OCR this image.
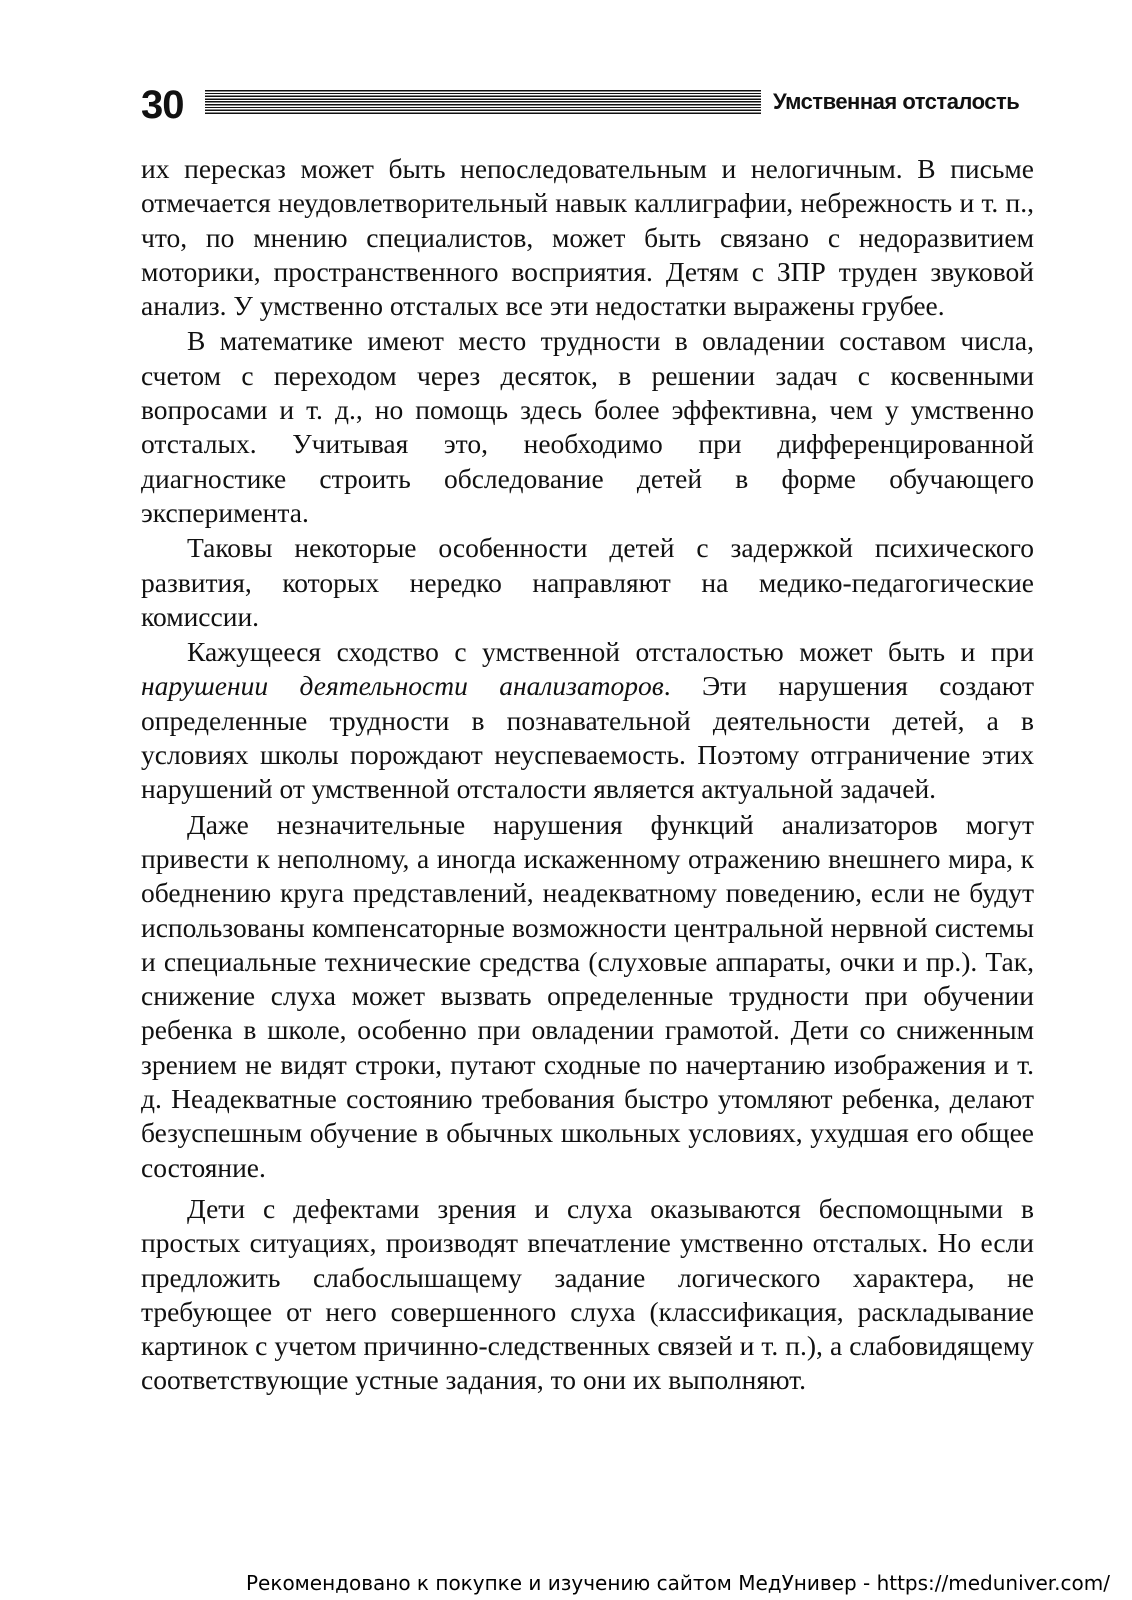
30	Умственная отсталость

их пересказ может быть непоследовательным и нелогичным. В письме отмечается неудовлетворительный навык каллиграфии, небрежность и т. п., что, по мнению специалистов, может быть связано с недоразвитием моторики, пространственного восприятия. Детям с ЗПР труден звуковой анализ. У умственно отсталых все эти недостатки выражены грубее.

В математике имеют место трудности в овладении составом числа, счетом с переходом через десяток, в решении задач с косвенными вопросами и т. д., но помощь здесь более эффективна, чем у умственно отсталых. Учитывая это, необходимо при дифференцированной диагностике строить обследование детей в форме обучающего эксперимента.

Таковы некоторые особенности детей с задержкой психического развития, которых нередко направляют на медико-педагогические комиссии.

Кажущееся сходство с умственной отсталостью может быть и при нарушении деятельности анализаторов. Эти нарушения создают определенные трудности в познавательной деятельности детей, а в условиях школы порождают неуспеваемость. Поэтому отграничение этих нарушений от умственной отсталости является актуальной задачей.

Даже незначительные нарушения функций анализаторов могут привести к неполному, а иногда искаженному отражению внешнего мира, к обеднению круга представлений, неадекватному поведению, если не будут использованы компенсаторные возможности центральной нервной системы и специальные технические средства (слуховые аппараты, очки и пр.). Так, снижение слуха может вызвать определенные трудности при обучении ребенка в школе, особенно при овладении грамотой. Дети со сниженным зрением не видят строки, путают сходные по начертанию изображения и т. д. Неадекватные состоянию требования быстро утомляют ребенка, делают безуспешным обучение в обычных школьных условиях, ухудшая его общее состояние.

Дети с дефектами зрения и слуха оказываются беспомощными в простых ситуациях, производят впечатление умственно отсталых. Но если предложить слабослышащему задание логического характера, не требующее от него совершенного слуха (классификация, раскладывание картинок с учетом причинно-следственных связей и т. п.), а слабовидящему соответствующие устные задания, то они их выполняют.

Рекомендовано к покупке и изучению сайтом МедУнивер - https://meduniver.com/
